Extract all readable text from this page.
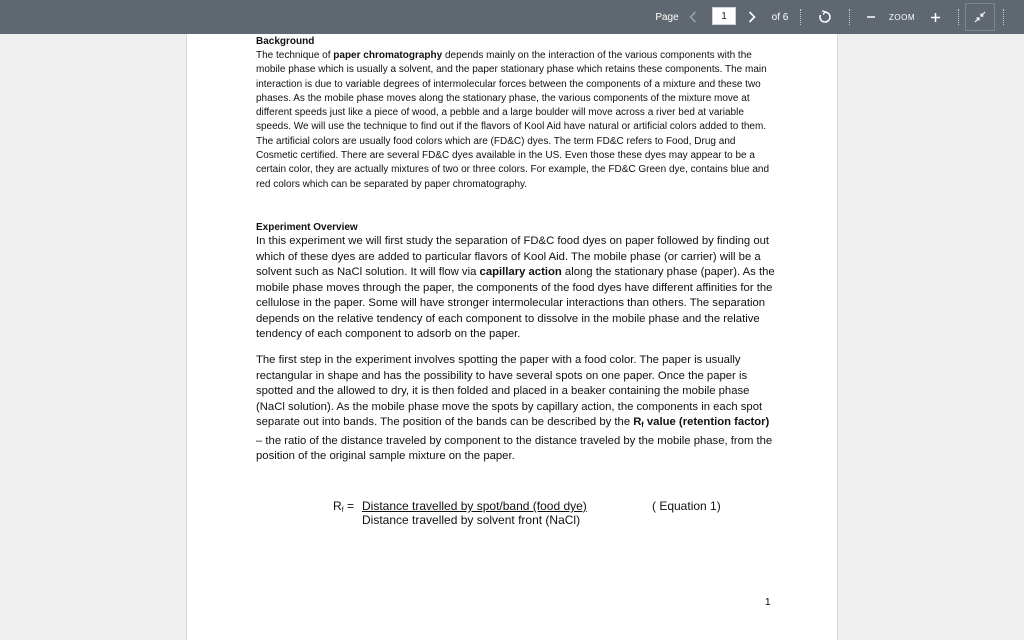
Page
1	of 6	ZOOM

Background

The technique of paper chromatography depends mainly on the interaction of the various components with the mobile phase which is usually a solvent, and the paper stationary phase which retains these components. The main interaction is due to variable degrees of intermolecular forces between the components of a mixture and these two phases. As the mobile phase moves along the stationary phase, the various components of the mixture move at different speeds just like a piece of wood, a pebble and a large boulder will move across a river bed at variable speeds. We will use the technique to find out if the flavors of Kool Aid have natural or artificial colors added to them. The artificial colors are usually food colors which are (FD&C) dyes. The term FD&C refers to Food, Drug and Cosmetic certified. There are several FD&C dyes available in the US. Even those these dyes may appear to be a certain color, they are actually mixtures of two or three colors. For example, the FD&C Green dye, contains blue and red colors which can be separated by paper chromatography.

Experiment Overview

In this experiment we will first study the separation of FD&C food dyes on paper followed by finding out which of these dyes are added to particular flavors of Kool Aid. The mobile phase (or carrier) will be a solvent such as NaCl solution. It will flow via capillary action along the stationary phase (paper). As the mobile phase moves through the paper, the components of the food dyes have different affinities for the cellulose in the paper. Some will have stronger intermolecular interactions than others. The separation depends on the relative tendency of each component to dissolve in the mobile phase and the relative tendency of each component to adsorb on the paper.

The first step in the experiment involves spotting the paper with a food color. The paper is usually rectangular in shape and has the possibility to have several spots on one paper. Once the paper is spotted and the allowed to dry, it is then folded and placed in a beaker containing the mobile phase (NaCl solution). As the mobile phase move the spots by capillary action, the components in each spot separate out into bands. The position of the bands can be described by the $R_f$ value (retention factor) – the ratio of the distance traveled by component to the distance traveled by the mobile phase, from the position of the original sample mixture on the paper.

$R_f$ = Distance travelled by spot/band (food dye)
Distance travelled by solvent front (NaCl)
( Equation 1)
1
